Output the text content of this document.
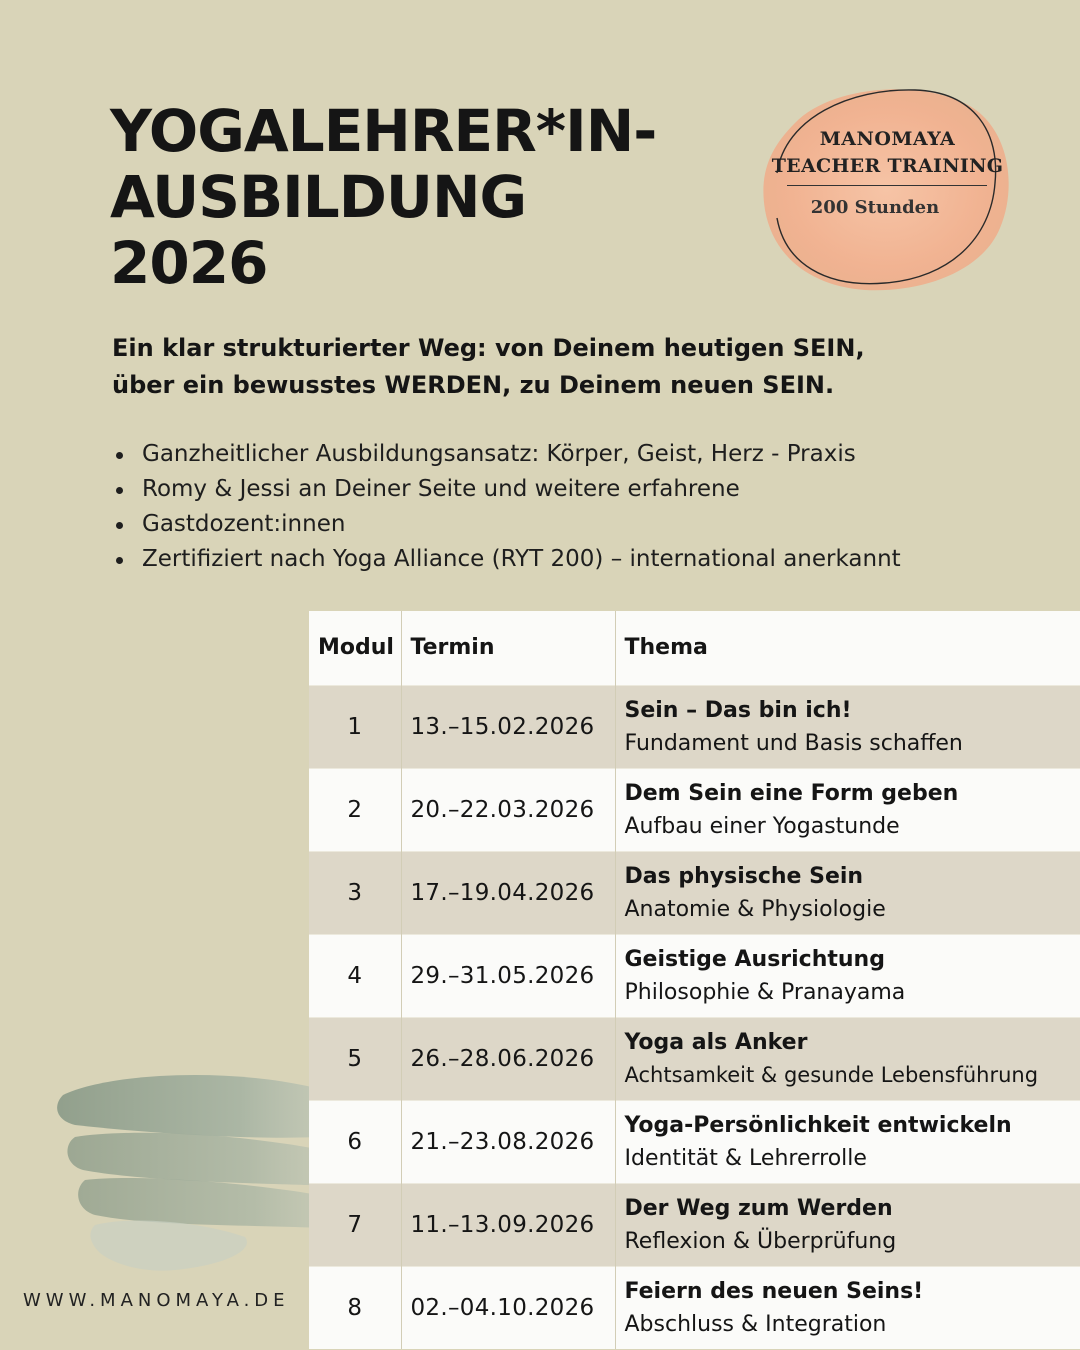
YOGALEHRER*IN-
AUSBILDUNG
2026
MANOMAYA
TEACHER TRAINING
200 Stunden
Ein klar strukturierter Weg: von Deinem heutigen SEIN,
über ein bewusstes WERDEN, zu Deinem neuen SEIN.
Ganzheitlicher Ausbildungsansatz: Körper, Geist, Herz - Praxis
Romy & Jessi an Deiner Seite und weitere erfahrene
Gastdozent:innen
Zertifiziert nach Yoga Alliance (RYT 200) – international anerkannt
Modul	Termin	Thema
1	13.–15.02.2026	Sein – Das bin ich!
Fundament und Basis schaffen

2	20.–22.03.2026	Dem Sein eine Form geben
Aufbau einer Yogastunde

3	17.–19.04.2026	Das physische Sein
Anatomie & Physiologie

4	29.–31.05.2026	Geistige Ausrichtung
Philosophie & Pranayama

5	26.–28.06.2026	Yoga als Anker
Achtsamkeit & gesunde Lebensführung

6	21.–23.08.2026	Yoga-Persönlichkeit entwickeln
Identität & Lehrerrolle

7	11.–13.09.2026	Der Weg zum Werden
Reflexion & Überprüfung

8	02.–04.10.2026	Feiern des neuen Seins!
Abschluss & Integration
WWW.MANOMAYA.DE
